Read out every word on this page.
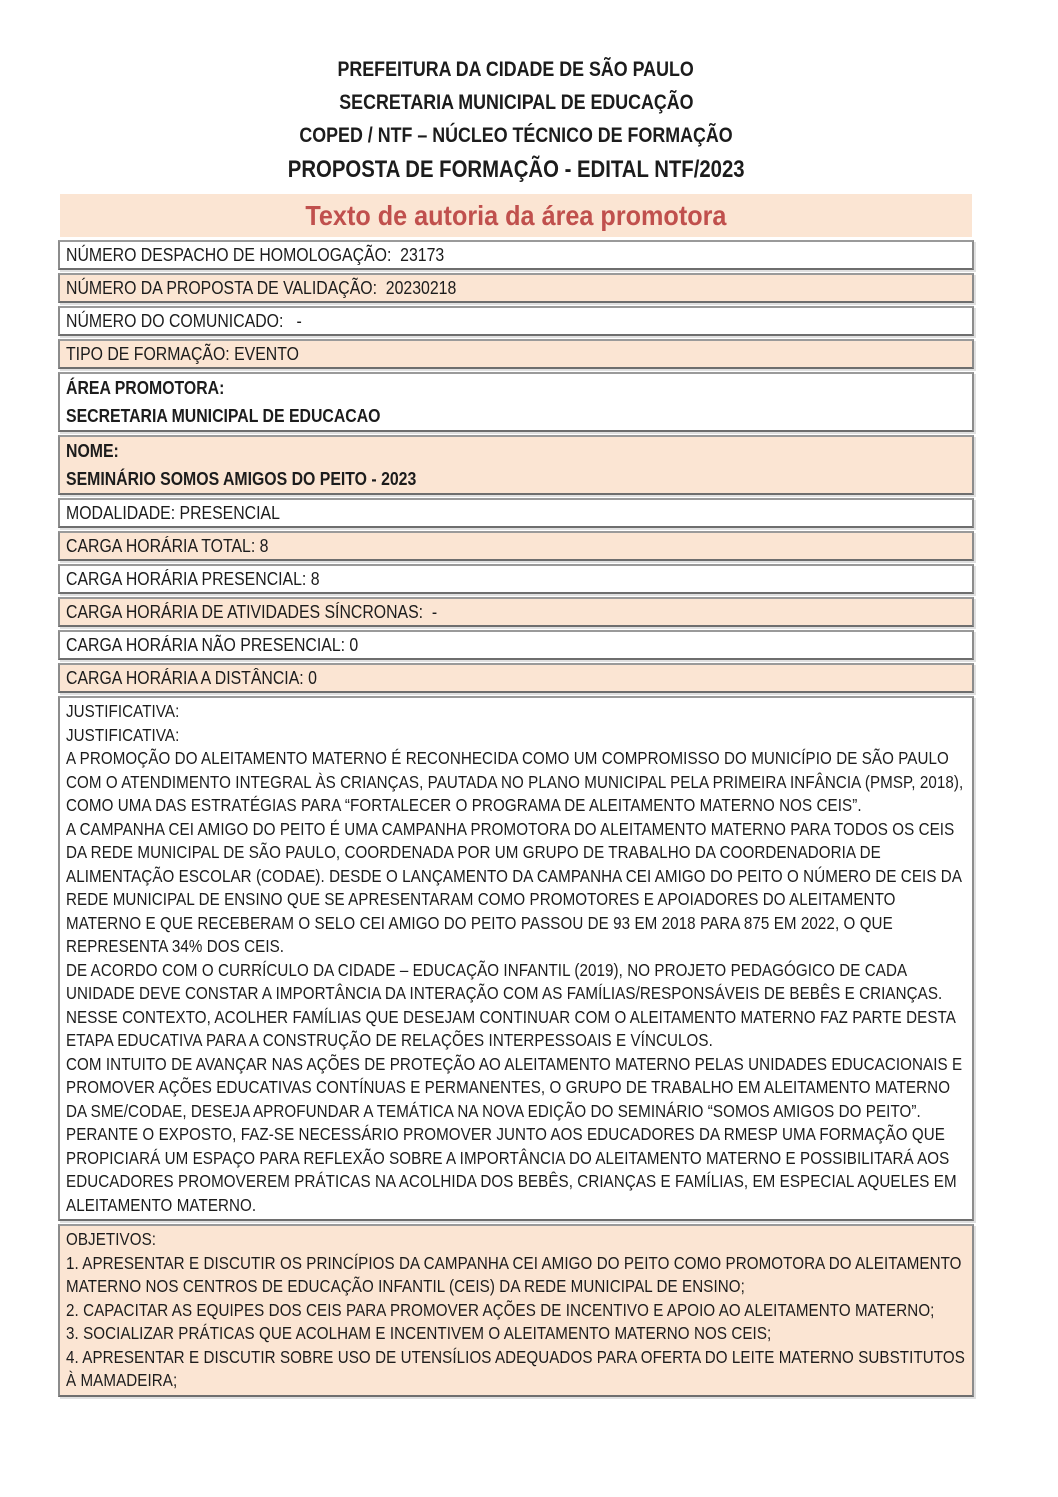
PREFEITURA DA CIDADE DE SÃO PAULO
SECRETARIA MUNICIPAL DE EDUCAÇÃO
COPED / NTF – NÚCLEO TÉCNICO DE FORMAÇÃO
PROPOSTA DE FORMAÇÃO - EDITAL NTF/2023
Texto de autoria da área promotora
NÚMERO DESPACHO DE HOMOLOGAÇÃO:  23173
NÚMERO DA PROPOSTA DE VALIDAÇÃO:  20230218
NÚMERO DO COMUNICADO:   -
TIPO DE FORMAÇÃO: EVENTO
ÁREA PROMOTORA:
SECRETARIA MUNICIPAL DE EDUCACAO
NOME:
SEMINÁRIO SOMOS AMIGOS DO PEITO - 2023
MODALIDADE: PRESENCIAL
CARGA HORÁRIA TOTAL: 8
CARGA HORÁRIA PRESENCIAL: 8
CARGA HORÁRIA DE ATIVIDADES SÍNCRONAS:  -
CARGA HORÁRIA NÃO PRESENCIAL: 0
CARGA HORÁRIA A DISTÂNCIA: 0

JUSTIFICATIVA:

JUSTIFICATIVA:

A PROMOÇÃO DO ALEITAMENTO MATERNO É RECONHECIDA COMO UM COMPROMISSO DO MUNICÍPIO DE SÃO PAULO COM O ATENDIMENTO INTEGRAL ÀS CRIANÇAS, PAUTADA NO PLANO MUNICIPAL PELA PRIMEIRA INFÂNCIA (PMSP, 2018), COMO UMA DAS ESTRATÉGIAS PARA “FORTALECER O PROGRAMA DE ALEITAMENTO MATERNO NOS CEIS”.

A CAMPANHA CEI AMIGO DO PEITO É UMA CAMPANHA PROMOTORA DO ALEITAMENTO MATERNO PARA TODOS OS CEIS DA REDE MUNICIPAL DE SÃO PAULO, COORDENADA POR UM GRUPO DE TRABALHO DA COORDENADORIA DE ALIMENTAÇÃO ESCOLAR (CODAE). DESDE O LANÇAMENTO DA CAMPANHA CEI AMIGO DO PEITO O NÚMERO DE CEIS DA REDE MUNICIPAL DE ENSINO QUE SE APRESENTARAM COMO PROMOTORES E APOIADORES DO ALEITAMENTO MATERNO E QUE RECEBERAM O SELO CEI AMIGO DO PEITO PASSOU DE 93 EM 2018 PARA 875 EM 2022, O QUE REPRESENTA 34% DOS CEIS.

DE ACORDO COM O CURRÍCULO DA CIDADE – EDUCAÇÃO INFANTIL (2019), NO PROJETO PEDAGÓGICO DE CADA UNIDADE DEVE CONSTAR A IMPORTÂNCIA DA INTERAÇÃO COM AS FAMÍLIAS/RESPONSÁVEIS DE BEBÊS E CRIANÇAS. NESSE CONTEXTO, ACOLHER FAMÍLIAS QUE DESEJAM CONTINUAR COM O ALEITAMENTO MATERNO FAZ PARTE DESTA ETAPA EDUCATIVA PARA A CONSTRUÇÃO DE RELAÇÕES INTERPESSOAIS E VÍNCULOS.

COM INTUITO DE AVANÇAR NAS AÇÕES DE PROTEÇÃO AO ALEITAMENTO MATERNO PELAS UNIDADES EDUCACIONAIS E PROMOVER AÇÕES EDUCATIVAS CONTÍNUAS E PERMANENTES, O GRUPO DE TRABALHO EM ALEITAMENTO MATERNO DA SME/CODAE, DESEJA APROFUNDAR A TEMÁTICA NA NOVA EDIÇÃO DO SEMINÁRIO “SOMOS AMIGOS DO PEITO”.

PERANTE O EXPOSTO, FAZ-SE NECESSÁRIO PROMOVER JUNTO AOS EDUCADORES DA RMESP UMA FORMAÇÃO QUE PROPICIARÁ UM ESPAÇO PARA REFLEXÃO SOBRE A IMPORTÂNCIA DO ALEITAMENTO MATERNO E POSSIBILITARÁ AOS EDUCADORES PROMOVEREM PRÁTICAS NA ACOLHIDA DOS BEBÊS, CRIANÇAS E FAMÍLIAS, EM ESPECIAL AQUELES EM ALEITAMENTO MATERNO.

OBJETIVOS:

1. APRESENTAR E DISCUTIR OS PRINCÍPIOS DA CAMPANHA CEI AMIGO DO PEITO COMO PROMOTORA DO ALEITAMENTO MATERNO NOS CENTROS DE EDUCAÇÃO INFANTIL (CEIS) DA REDE MUNICIPAL DE ENSINO;

2. CAPACITAR AS EQUIPES DOS CEIS PARA PROMOVER AÇÕES DE INCENTIVO E APOIO AO ALEITAMENTO MATERNO;

3. SOCIALIZAR PRÁTICAS QUE ACOLHAM E INCENTIVEM O ALEITAMENTO MATERNO NOS CEIS;

4. APRESENTAR E DISCUTIR SOBRE USO DE UTENSÍLIOS ADEQUADOS PARA OFERTA DO LEITE MATERNO SUBSTITUTOS À MAMADEIRA;
